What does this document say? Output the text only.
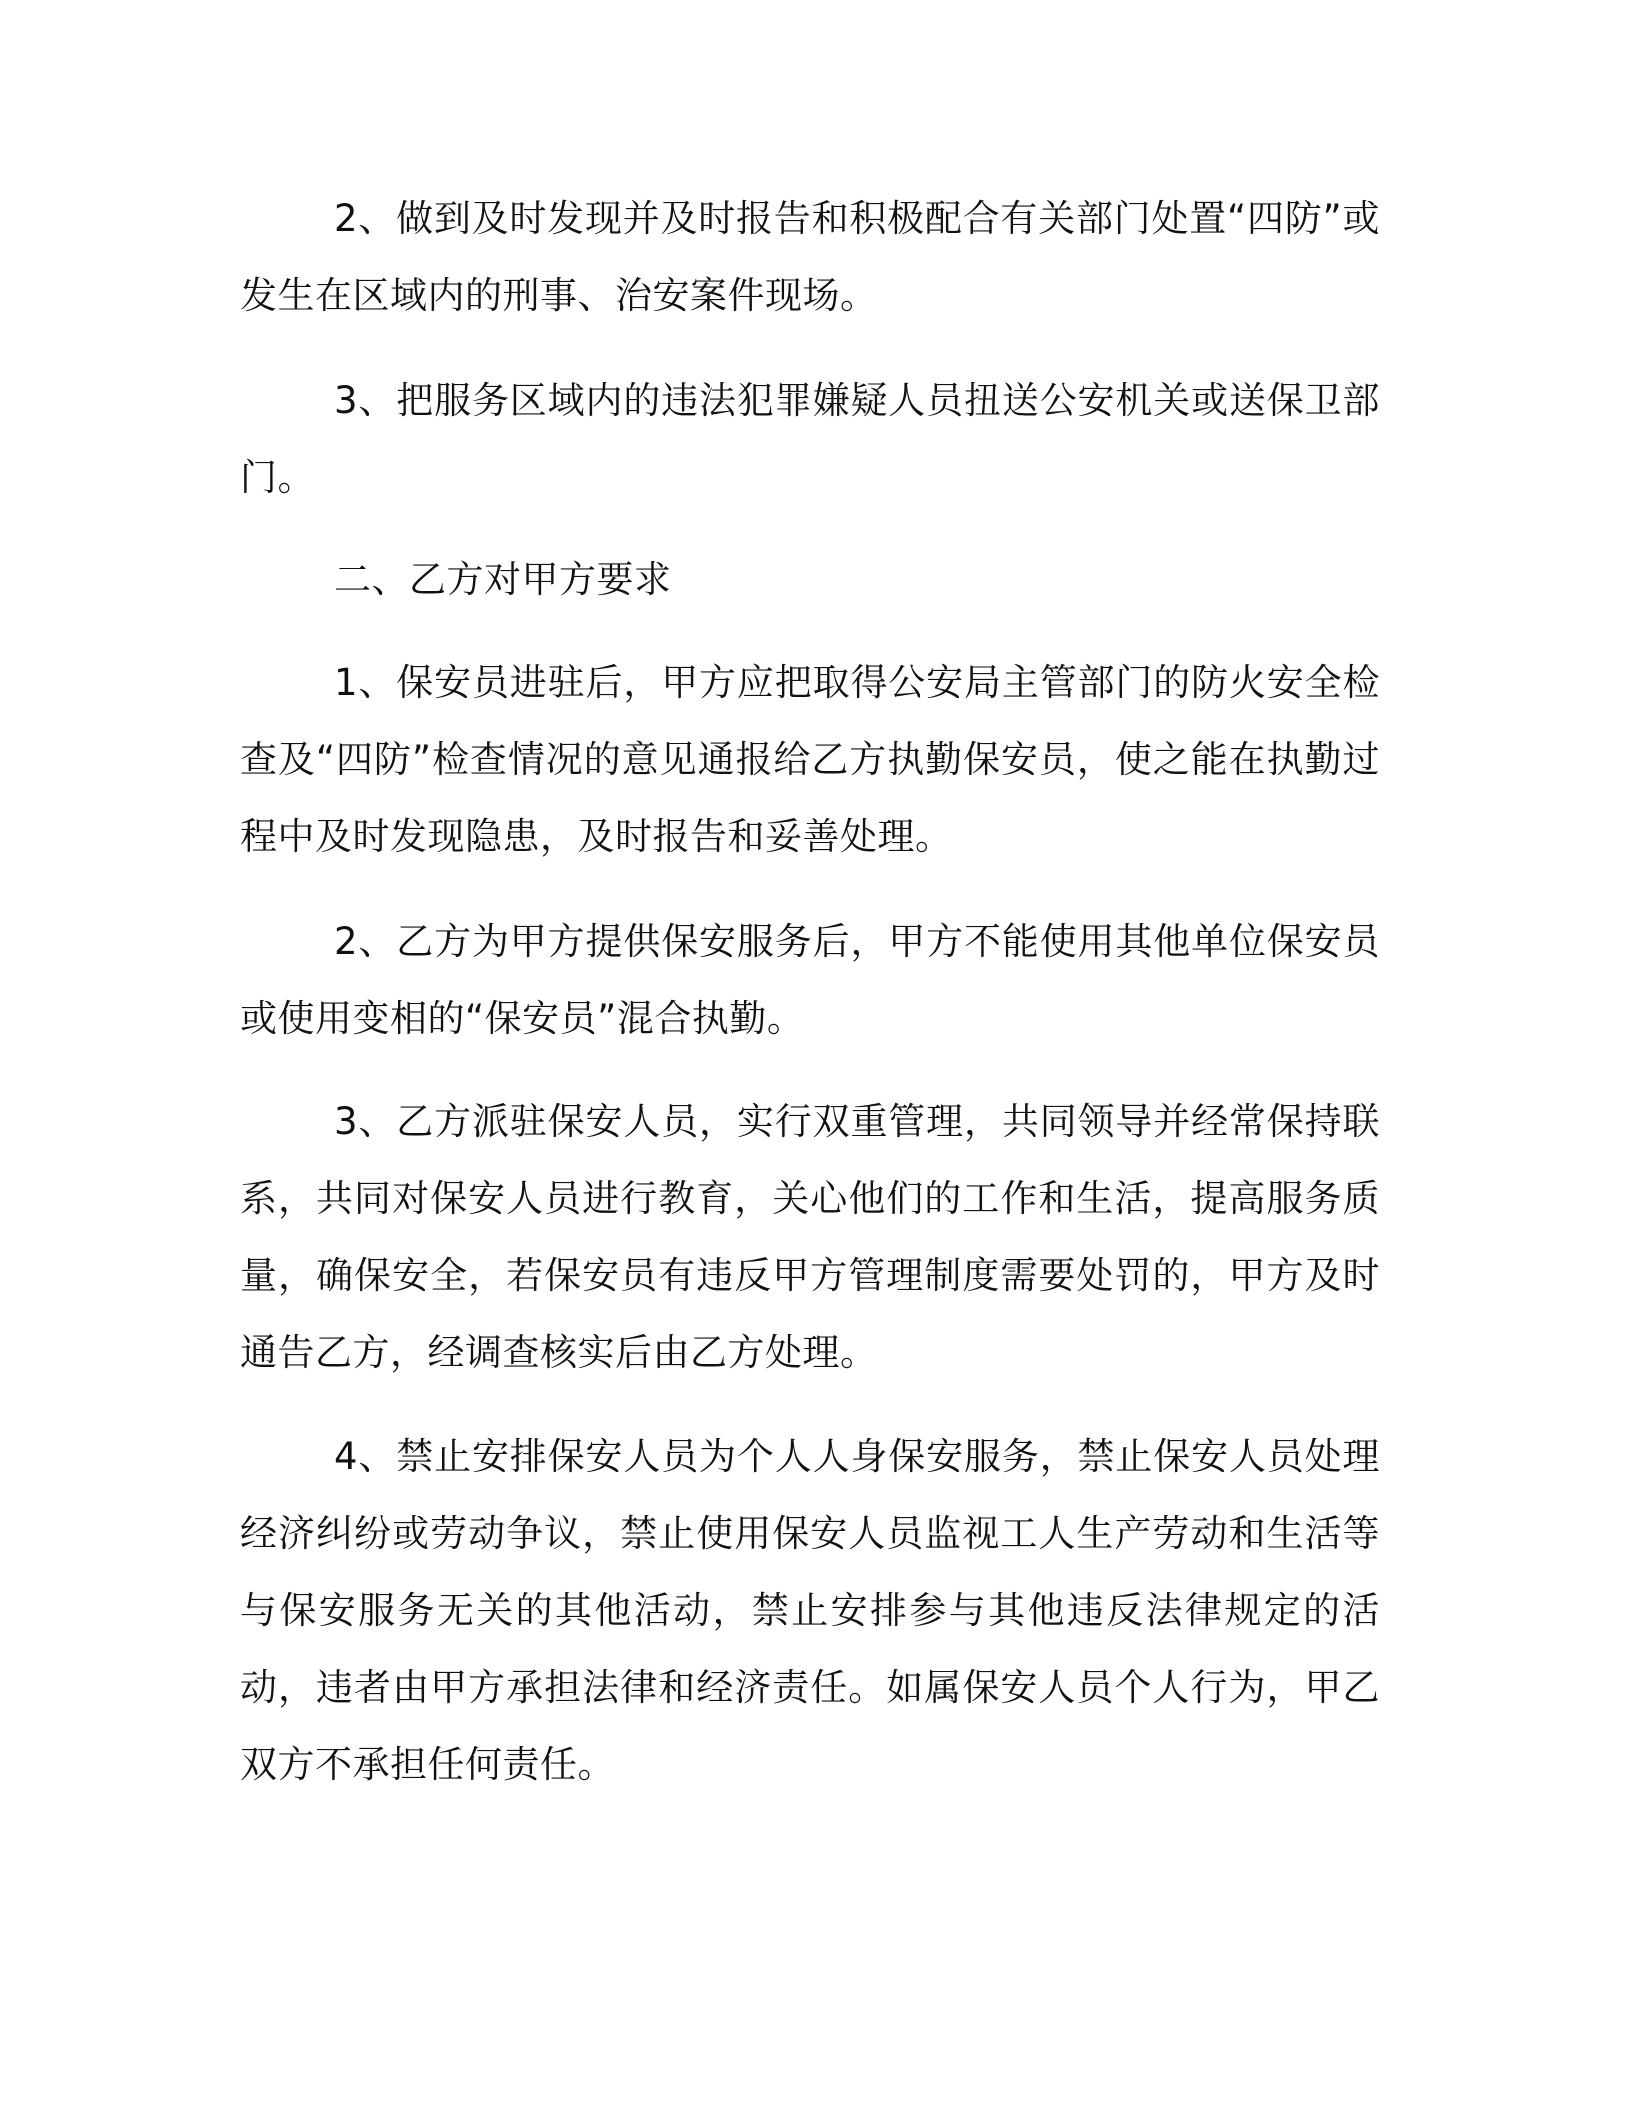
2、做到及时发现并及时报告和积极配合有关部门处置“四防”或发生在区域内的刑事、治安案件现场。

3、把服务区域内的违法犯罪嫌疑人员扭送公安机关或送保卫部门。

二、乙方对甲方要求

1、保安员进驻后，甲方应把取得公安局主管部门的防火安全检查及“四防”检查情况的意见通报给乙方执勤保安员，使之能在执勤过程中及时发现隐患，及时报告和妥善处理。

2、乙方为甲方提供保安服务后，甲方不能使用其他单位保安员或使用变相的“保安员”混合执勤。

3、乙方派驻保安人员，实行双重管理，共同领导并经常保持联系，共同对保安人员进行教育，关心他们的工作和生活，提高服务质量，确保安全，若保安员有违反甲方管理制度需要处罚的，甲方及时通告乙方，经调查核实后由乙方处理。

4、禁止安排保安人员为个人人身保安服务，禁止保安人员处理经济纠纷或劳动争议，禁止使用保安人员监视工人生产劳动和生活等与保安服务无关的其他活动，禁止安排参与其他违反法律规定的活动，违者由甲方承担法律和经济责任。如属保安人员个人行为，甲乙双方不承担任何责任。
